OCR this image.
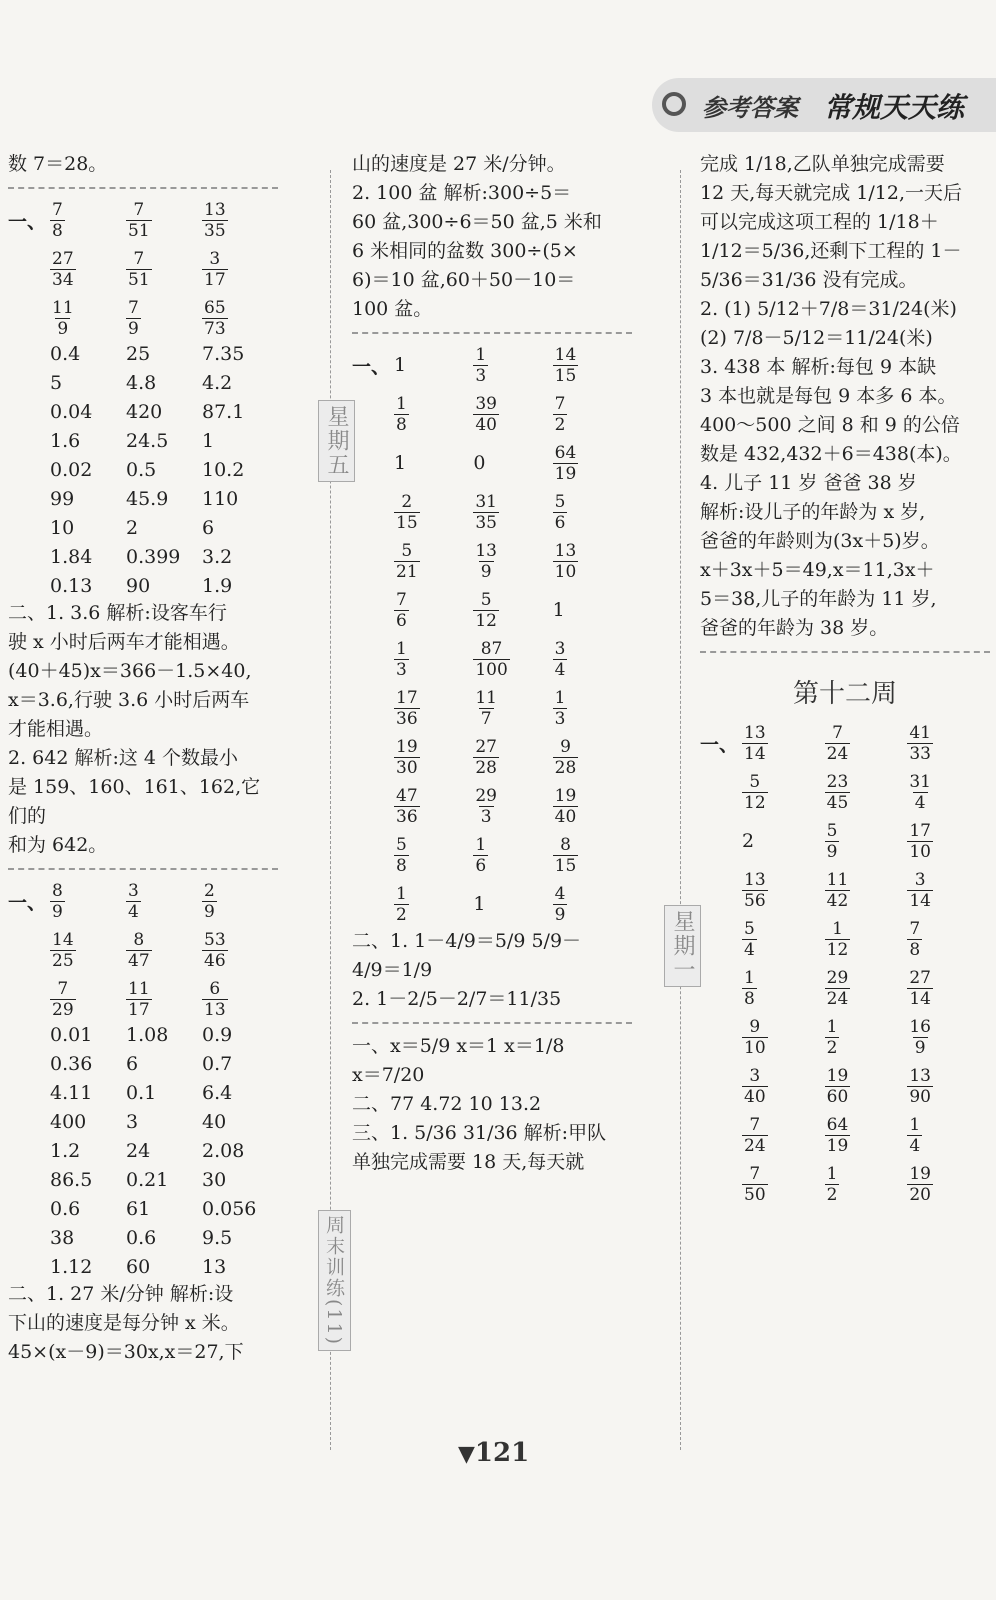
参考答案 常规天天练
星期五
周末训练(11)
星期一

数 7＝28。

一、 $\frac{7}{8}$	$\frac{7}{51}$	$\frac{13}{35}$
$\frac{27}{34}$	$\frac{7}{51}$	$\frac{3}{17}$
$\frac{11}{9}$	$\frac{7}{9}$	$\frac{65}{73}$
0.4	25	7.35
5	4.8	4.2
0.04	420	87.1
1.6	24.5	1
0.02	0.5	10.2
99	45.9	110
10	2	6
1.84	0.399	3.2
0.13	90	1.9

二、1. 3.6 解析:设客车行

驶 x 小时后两车才能相遇。

(40＋45)x＝366－1.5×40,

x＝3.6,行驶 3.6 小时后两车

才能相遇。

2. 642 解析:这 4 个数最小

是 159、160、161、162,它们的

和为 642。

一、 $\frac{8}{9}$	$\frac{3}{4}$	$\frac{2}{9}$
$\frac{14}{25}$	$\frac{8}{47}$	$\frac{53}{46}$
$\frac{7}{29}$	$\frac{11}{17}$	$\frac{6}{13}$
0.01	1.08	0.9
0.36	6	0.7
4.11	0.1	6.4
400	3	40
1.2	24	2.08
86.5	0.21	30
0.6	61	0.056
38	0.6	9.5
1.12	60	13

二、1. 27 米/分钟 解析:设

下山的速度是每分钟 x 米。

45×(x－9)＝30x,x＝27,下

山的速度是 27 米/分钟。

2. 100 盆 解析:300÷5＝

60 盆,300÷6＝50 盆,5 米和

6 米相同的盆数 300÷(5×

6)＝10 盆,60＋50－10＝

100 盆。

一、 1	$\frac{1}{3}$	$\frac{14}{15}$
$\frac{1}{8}$	$\frac{39}{40}$	$\frac{7}{2}$
1	0	$\frac{64}{19}$
$\frac{2}{15}$	$\frac{31}{35}$	$\frac{5}{6}$
$\frac{5}{21}$	$\frac{13}{9}$	$\frac{13}{10}$
$\frac{7}{6}$	$\frac{5}{12}$	1
$\frac{1}{3}$	$\frac{87}{100}$	$\frac{3}{4}$
$\frac{17}{36}$	$\frac{11}{7}$	$\frac{1}{3}$
$\frac{19}{30}$	$\frac{27}{28}$	$\frac{9}{28}$
$\frac{47}{36}$	$\frac{29}{3}$	$\frac{19}{40}$
$\frac{5}{8}$	$\frac{1}{6}$	$\frac{8}{15}$
$\frac{1}{2}$	1	$\frac{4}{9}$

二、1. 1－4/9＝5/9 5/9－

4/9＝1/9

2. 1－2/5－2/7＝11/35

一、x＝5/9 x＝1 x＝1/8

x＝7/20

二、77 4.72 10 13.2

三、1. 5/36 31/36 解析:甲队

单独完成需要 18 天,每天就

完成 1/18,乙队单独完成需要

12 天,每天就完成 1/12,一天后

可以完成这项工程的 1/18＋

1/12＝5/36,还剩下工程的 1－

5/36＝31/36 没有完成。

2. (1) 5/12＋7/8＝31/24(米)

(2) 7/8－5/12＝11/24(米)

3. 438 本 解析:每包 9 本缺

3 本也就是每包 9 本多 6 本。

400～500 之间 8 和 9 的公倍

数是 432,432＋6＝438(本)。

4. 儿子 11 岁 爸爸 38 岁

解析:设儿子的年龄为 x 岁,

爸爸的年龄则为(3x＋5)岁。

x＋3x＋5＝49,x＝11,3x＋

5＝38,儿子的年龄为 11 岁,

爸爸的年龄为 38 岁。

第十二周
一、 $\frac{13}{14}$	$\frac{7}{24}$	$\frac{41}{33}$
$\frac{5}{12}$	$\frac{23}{45}$	$\frac{31}{4}$
2	$\frac{5}{9}$	$\frac{17}{10}$
$\frac{13}{56}$	$\frac{11}{42}$	$\frac{3}{14}$
$\frac{5}{4}$	$\frac{1}{12}$	$\frac{7}{8}$
$\frac{1}{8}$	$\frac{29}{24}$	$\frac{27}{14}$
$\frac{9}{10}$	$\frac{1}{2}$	$\frac{16}{9}$
$\frac{3}{40}$	$\frac{19}{60}$	$\frac{13}{90}$
$\frac{7}{24}$	$\frac{64}{19}$	$\frac{1}{4}$
$\frac{7}{50}$	$\frac{1}{2}$	$\frac{19}{20}$
▼121
